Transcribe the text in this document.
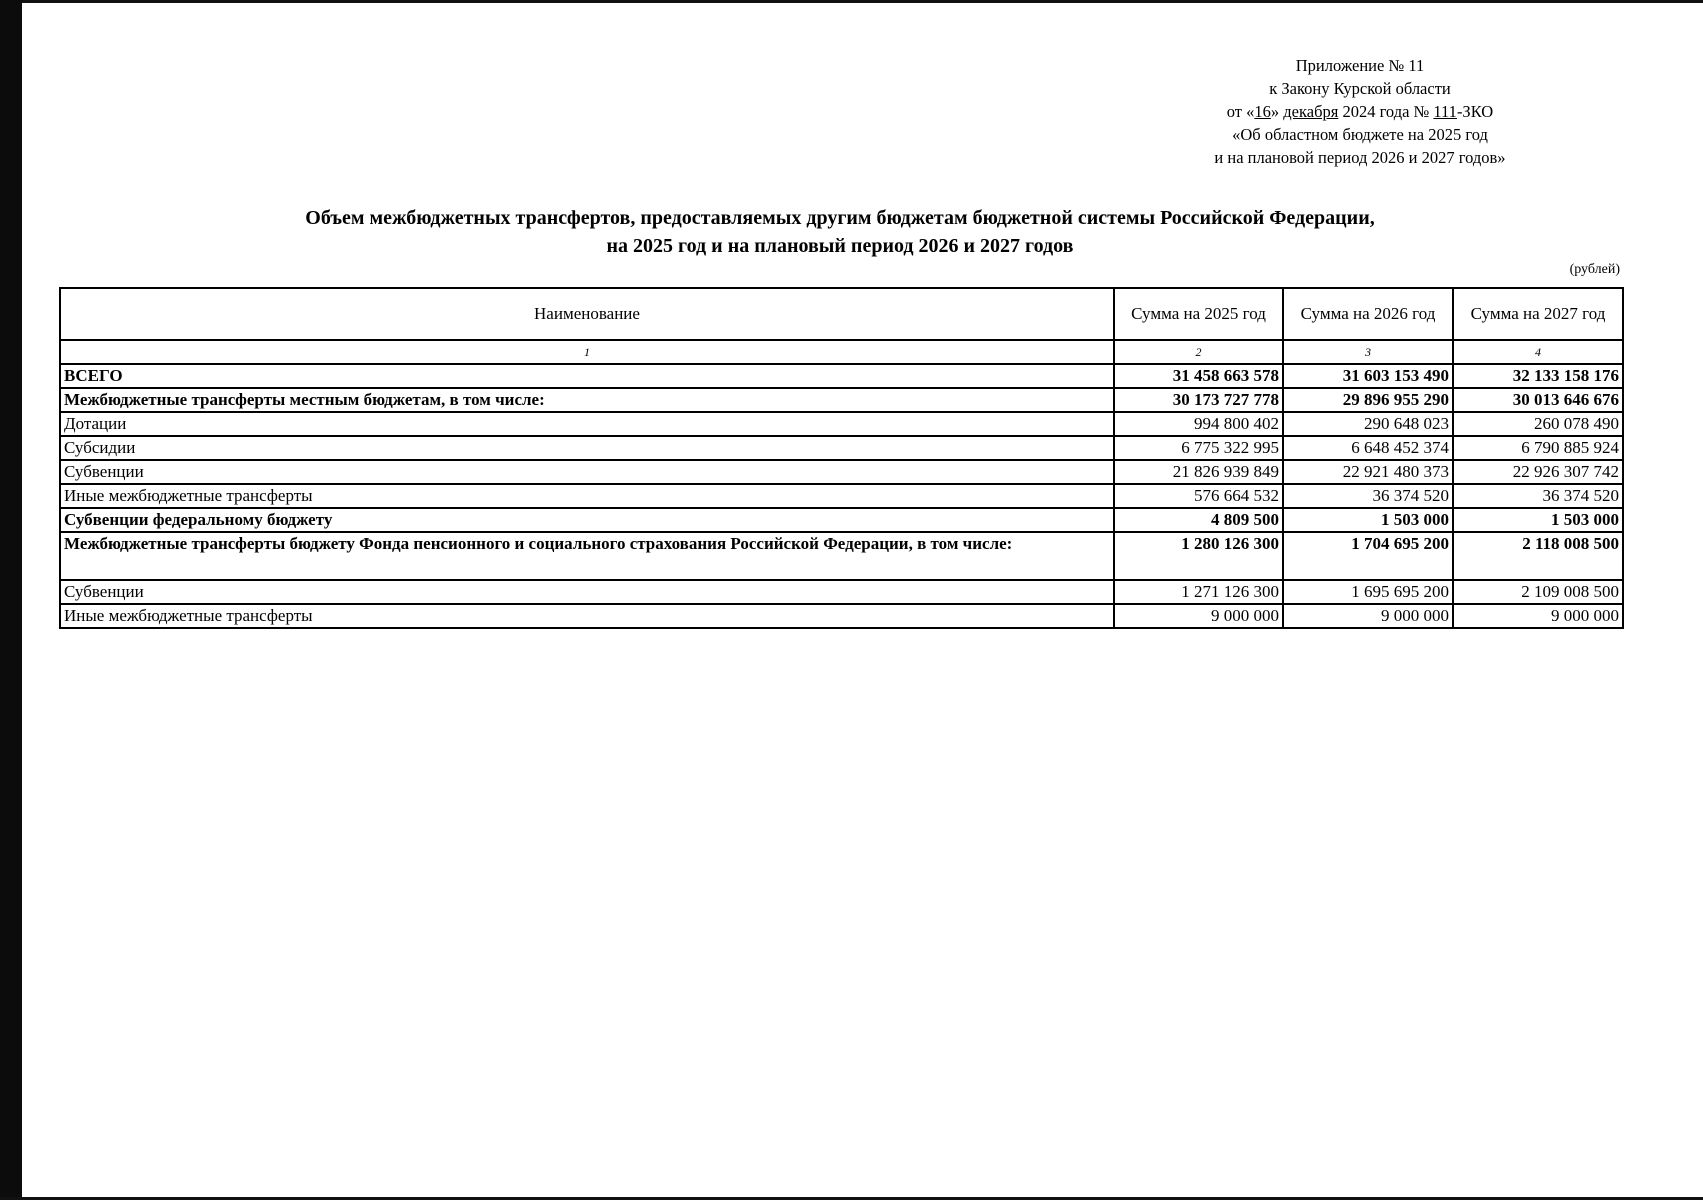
Приложение № 11
к Закону Курской области
от «16» декабря 2024 года № 111-ЗКО
«Об областном бюджете на 2025 год
и на плановой период 2026 и 2027 годов»
Объем межбюджетных трансфертов, предоставляемых другим бюджетам бюджетной системы Российской Федерации,
на 2025 год и на плановый период 2026 и 2027 годов
(рублей)
Наименование	Сумма на 2025 год	Сумма на 2026 год	Сумма на 2027 год
1	2	3	4
ВСЕГО	31 458 663 578	31 603 153 490	32 133 158 176
Межбюджетные трансферты местным бюджетам, в том числе:	30 173 727 778	29 896 955 290	30 013 646 676
Дотации	994 800 402	290 648 023	260 078 490
Субсидии	6 775 322 995	6 648 452 374	6 790 885 924
Субвенции	21 826 939 849	22 921 480 373	22 926 307 742
Иные межбюджетные трансферты	576 664 532	36 374 520	36 374 520
Субвенции федеральному бюджету	4 809 500	1 503 000	1 503 000
Межбюджетные трансферты бюджету Фонда пенсионного и социального страхования Российской Федерации, в том числе:	1 280 126 300	1 704 695 200	2 118 008 500
Субвенции	1 271 126 300	1 695 695 200	2 109 008 500
Иные межбюджетные трансферты	9 000 000	9 000 000	9 000 000
